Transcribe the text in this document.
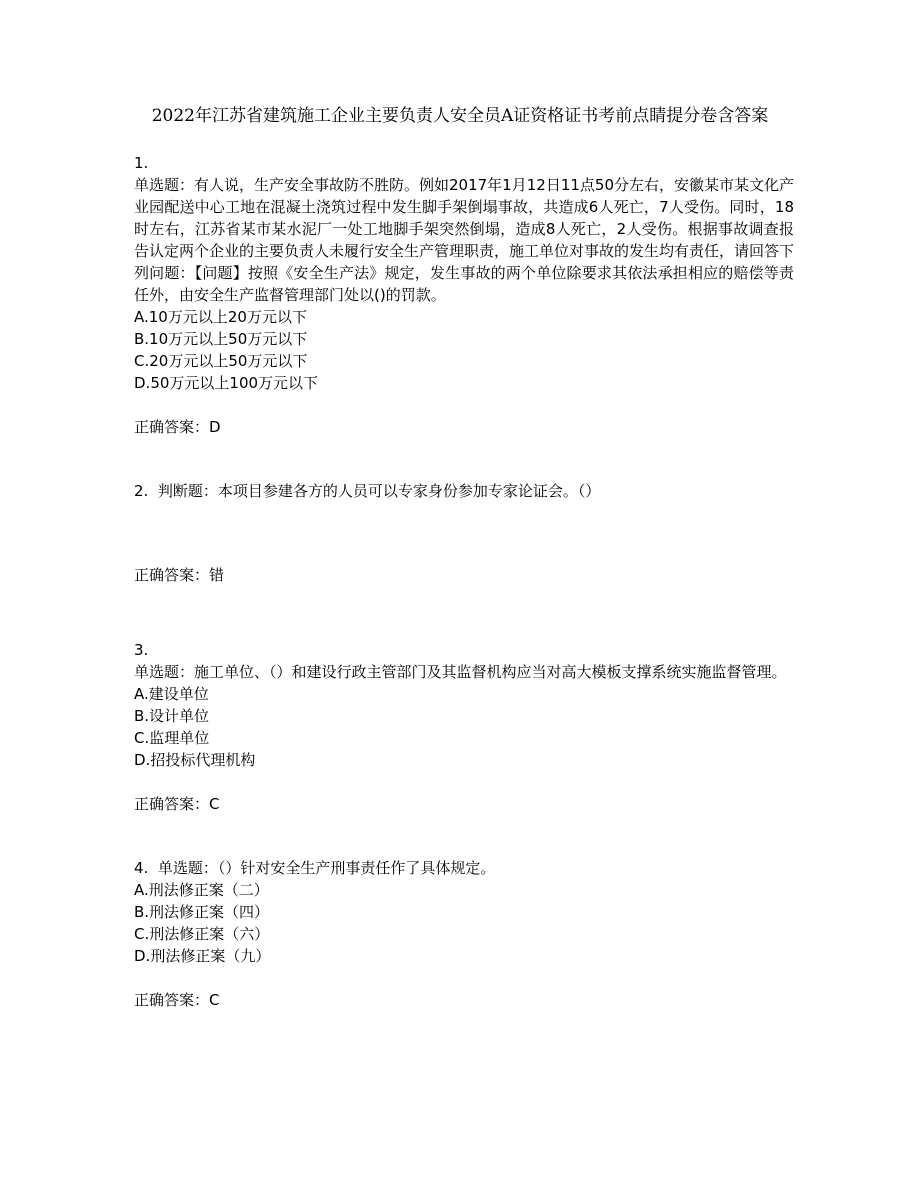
2022年江苏省建筑施工企业主要负责人安全员A证资格证书考前点睛提分卷含答案
1.
单选题：有人说，生产安全事故防不胜防。例如2017年1月12日11点50分左右，安徽某市某文化产业园配送中心工地在混凝土浇筑过程中发生脚手架倒塌事故，共造成6人死亡，7人受伤。同时，18时左右，江苏省某市某水泥厂一处工地脚手架突然倒塌，造成8人死亡，2人受伤。根据事故调查报告认定两个企业的主要负责人未履行安全生产管理职责，施工单位对事故的发生均有责任，请回答下列问题：【问题】按照《安全生产法》规定，发生事故的两个单位除要求其依法承担相应的赔偿等责任外，由安全生产监督管理部门处以()的罚款。
A.10万元以上20万元以下
B.10万元以上50万元以下
C.20万元以上50万元以下
D.50万元以上100万元以下
正确答案：D
2. 判断题：本项目参建各方的人员可以专家身份参加专家论证会。（）
正确答案：错
3.
单选题：施工单位、（）和建设行政主管部门及其监督机构应当对高大模板支撑系统实施监督管理。
A.建设单位
B.设计单位
C.监理单位
D.招投标代理机构
正确答案：C
4. 单选题：（）针对安全生产刑事责任作了具体规定。
A.刑法修正案（二）
B.刑法修正案（四）
C.刑法修正案（六）
D.刑法修正案（九）
正确答案：C
